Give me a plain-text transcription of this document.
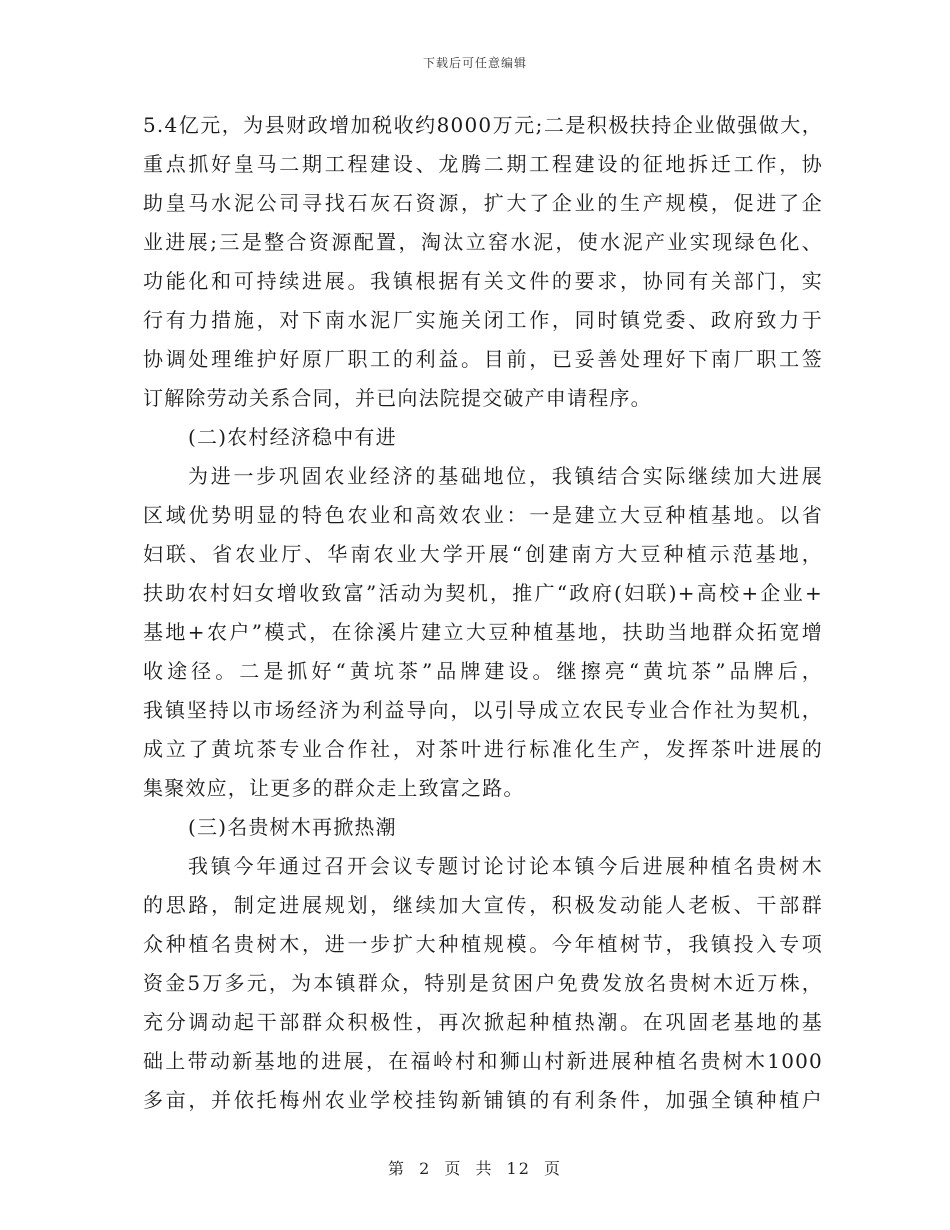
下载后可任意编辑
5.4亿元，为县财政增加税收约8000万元;二是积极扶持企业做强做大，
重点抓好皇马二期工程建设、龙腾二期工程建设的征地拆迁工作，协
助皇马水泥公司寻找石灰石资源，扩大了企业的生产规模，促进了企
业进展;三是整合资源配置，淘汰立窑水泥，使水泥产业实现绿色化、
功能化和可持续进展。我镇根据有关文件的要求，协同有关部门，实
行有力措施，对下南水泥厂实施关闭工作，同时镇党委、政府致力于
协调处理维护好原厂职工的利益。目前，已妥善处理好下南厂职工签
订解除劳动关系合同，并已向法院提交破产申请程序。
(二)农村经济稳中有进
为进一步巩固农业经济的基础地位，我镇结合实际继续加大进展
区域优势明显的特色农业和高效农业：一是建立大豆种植基地。以省
妇联、省农业厅、华南农业大学开展“创建南方大豆种植示范基地，
扶助农村妇女增收致富”活动为契机，推广“政府(妇联)+高校+企业+
基地+农户”模式，在徐溪片建立大豆种植基地，扶助当地群众拓宽增
收途径。二是抓好“黄坑茶”品牌建设。继擦亮“黄坑茶”品牌后，
我镇坚持以市场经济为利益导向，以引导成立农民专业合作社为契机，
成立了黄坑茶专业合作社，对茶叶进行标准化生产，发挥茶叶进展的
集聚效应，让更多的群众走上致富之路。
(三)名贵树木再掀热潮
我镇今年通过召开会议专题讨论讨论本镇今后进展种植名贵树木
的思路，制定进展规划，继续加大宣传，积极发动能人老板、干部群
众种植名贵树木，进一步扩大种植规模。今年植树节，我镇投入专项
资金5万多元，为本镇群众，特别是贫困户免费发放名贵树木近万株，
充分调动起干部群众积极性，再次掀起种植热潮。在巩固老基地的基
础上带动新基地的进展，在福岭村和狮山村新进展种植名贵树木1000
多亩，并依托梅州农业学校挂钩新铺镇的有利条件，加强全镇种植户
第 2 页 共 12 页
